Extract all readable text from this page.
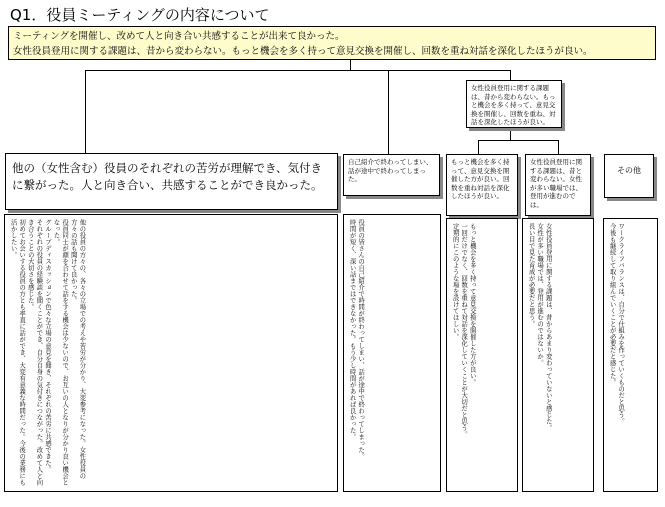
Q1．役員ミーティングの内容について
ミーティングを開催し、改めて人と向き合い共感することが出来て良かった。
女性役員登用に関する課題は、昔から変わらない。もっと機会を多く持って意見交換を開催し、回数を重ね対話を深化したほうが良い。
女性役員登用に関する課題は、昔から変わらない。もっと機会を多く持って、意見交換を開催し、回数を重ね、対話を深化したほうが良い。
他の（女性含む）役員のそれぞれの苦労が理解でき、気付きに繋がった。人と向き合い、共感することができ良かった。
自己紹介で終わってしまい、話が途中で終わってしまった。
もっと機会を多く持って、意見交換を開催した方が良い。回数を重ね対話を深化したほうが良い。
女性役員登用に関する課題は、昔と変わらない。女性が多い職場では、登用が進むのでは。
その他
他の役員の方々の、各々の立場での考えや苦労が分かり、大変参考になった。女性役員の方々の話も聞けて良かった。
役員同士が顔を合わせて話をする機会は少ないので、お互いの人となりが分かり良い機会となった。
グループディスカッションで色々な立場の意見を聞き、それぞれの苦労に共感できた。
それぞれの役員の経験談を聞くことができ、自分自身の気付きにつながった。改めて人と向き合うことの大切さを感じた。
初めてお会いする役員の方とも率直に話ができ、大変有意義な時間だった。今後の業務にも活かしたい。	役員の皆さんの自己紹介で時間が終わってしまい、話が途中で終わってしまった。
時間が短く、深い話まではできなかった。もう少し時間があれば良かった。	もっと機会を多く持って意見交換を開催した方が良い。
一回だけでなく、回数を重ねて対話を深化していくことが大切だと思う。
定期的にこのような場を設けてほしい。	女性役員登用に関する課題は、昔からあまり変わっていないと感じた。
女性が多い職場では、登用が進むのではないか。
長い目で見た育成が必要だと思う。	ワークライフバランスは、自分で仕組みを作っていくものだと思う。
今後も継続して取り組んでいくことが必要だと感じた。
